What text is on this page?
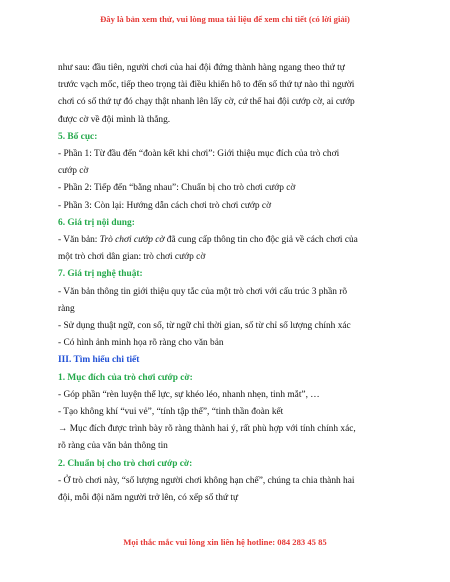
Đây là bản xem thử, vui lòng mua tài liệu để xem chi tiết (có lời giải)
như sau: đầu tiên, người chơi của hai đội đứng thành hàng ngang theo thứ tự
trước vạch mốc, tiếp theo trọng tài điều khiển hô to đến số thứ tự nào thì người
chơi có số thứ tự đó chạy thật nhanh lên lấy cờ, cứ thế hai đội cướp cờ, ai cướp
được cờ về đội mình là thắng.
5. Bố cục:
- Phần 1: Từ đầu đến “đoàn kết khi chơi”: Giới thiệu mục đích của trò chơi
cướp cờ
- Phần 2: Tiếp đến “bằng nhau”: Chuẩn bị cho trò chơi cướp cờ
- Phần 3: Còn lại: Hướng dẫn cách chơi trò chơi cướp cờ
6. Giá trị nội dung:
- Văn bản: Trò chơi cướp cờ đã cung cấp thông tin cho độc giả về cách chơi của
một trò chơi dân gian: trò chơi cướp cờ
7. Giá trị nghệ thuật:
- Văn bản thông tin giới thiệu quy tắc của một trò chơi với cấu trúc 3 phần rõ
ràng
- Sử dụng thuật ngữ, con số, từ ngữ chỉ thời gian, số từ chỉ số lượng chính xác
- Có hình ảnh minh họa rõ ràng cho văn bản
III. Tìm hiểu chi tiết
1. Mục đích của trò chơi cướp cờ:
- Góp phần “rèn luyện thể lực, sự khéo léo, nhanh nhẹn, tinh mắt”, …
- Tạo không khí “vui vẻ”, “tính tập thể”, “tinh thần đoàn kết
→ Mục đích được trình bày rõ ràng thành hai ý, rất phù hợp với tính chính xác,
rõ ràng của văn bản thông tin
2. Chuẩn bị cho trò chơi cướp cờ:
- Ở trò chơi này, “số lượng người chơi không hạn chế”, chúng ta chia thành hai
đội, mỗi đội năm người trở lên, có xếp số thứ tự
Mọi thắc mắc vui lòng xin liên hệ hotline: 084 283 45 85
